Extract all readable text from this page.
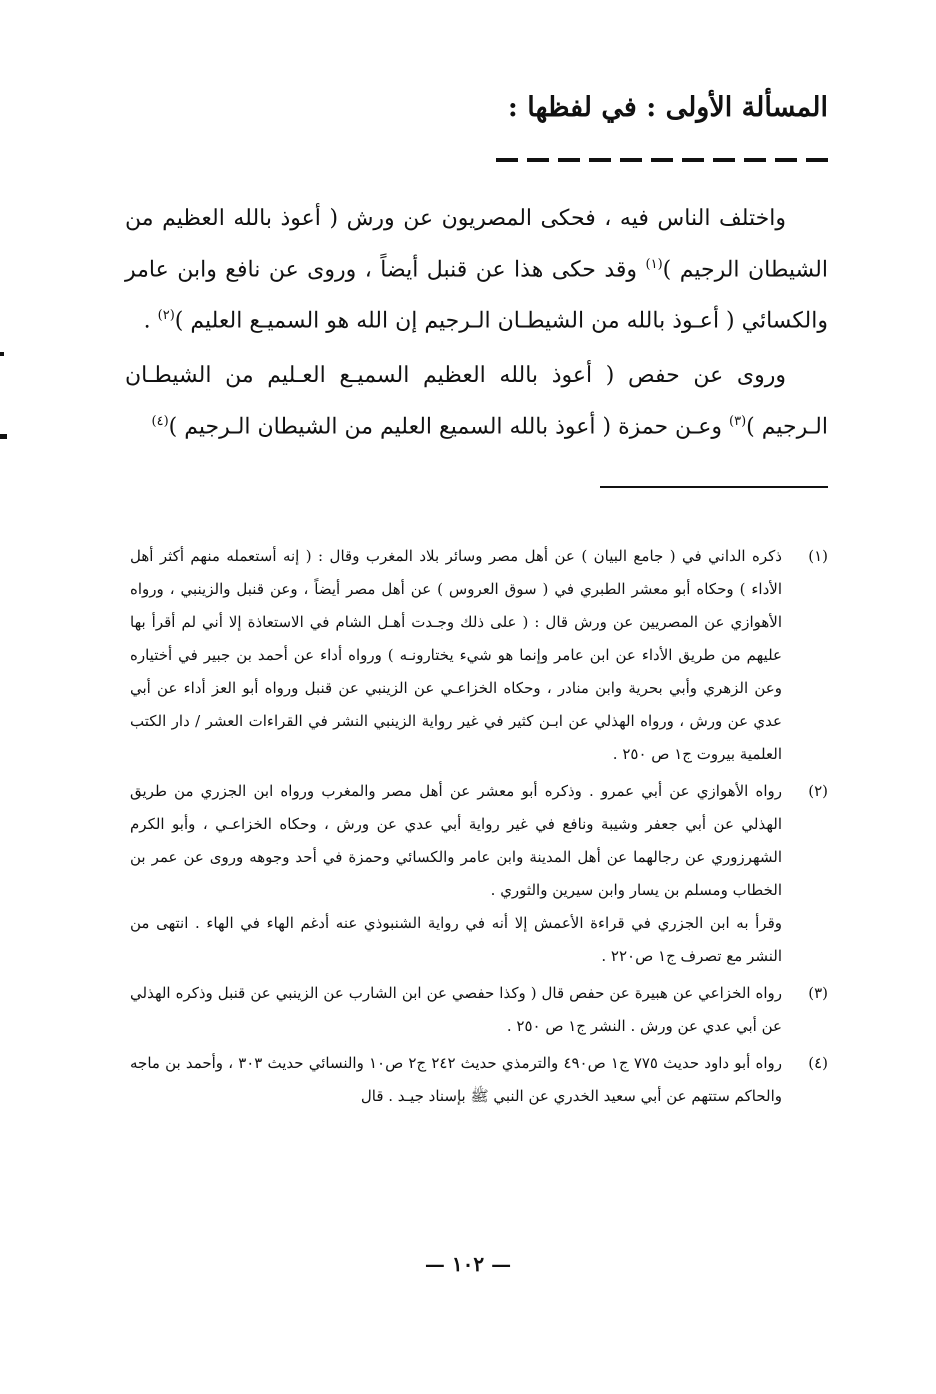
المسألة الأولى : في لفظها :

واختلف الناس فيه ، فحكى المصريون عن ورش ( أعوذ بالله العظيم من الشيطان الرجيم )$^{(١)}$ وقد حكى هذا عن قنبل أيضاً ، وروى عن نافع وابن عامر والكسائي ( أعـوذ بالله من الشيطـان الـرجيم إن الله هو السميـع العليم )$^{(٢)}$ .

وروى عن حفص ( أعوذ بالله العظيم السميـع العـليم من الشيطـان الـرجيم )$^{(٣)}$ وعـن حمزة ( أعوذ بالله السميع العليم من الشيطان الـرجيم )$^{(٤)}$

(١)
ذكره الداني في ( جامع البيان ) عن أهل مصر وسائر بلاد المغرب وقال : ( إنه أستعمله منهم أكثر أهل الأداء ) وحكاه أبو معشر الطبري في ( سوق العروس ) عن أهل مصر أيضاً ، وعن قنبل والزينبي ، ورواه الأهوازي عن المصريين عن ورش قال : ( على ذلك وجـدت أهـل الشام في الاستعاذة إلا أني لم أقرأ بها عليهم من طريق الأداء عن ابن عامر وإنما هو شيء يختارونـه ) ورواه أداء عن أحمد بن جبير في أختياره وعن الزهري وأبي بحرية وابن منادر ، وحكاه الخزاعـي عن الزينبي عن قنبل ورواه أبو العز أداء عن أبي عدي عن ورش ، ورواه الهذلي عن ابـن كثير في غير رواية الزينبي النشر في القراءات العشر / دار الكتب العلمية بيروت ج١ ص ٢٥٠ .
(٢)
رواه الأهوازي عن أبي عمرو . وذكره أبو معشر عن أهل مصر والمغرب ورواه ابن الجزري من طريق الهذلي عن أبي جعفر وشيبة ونافع في غير رواية أبي عدي عن ورش ، وحكاه الخزاعـي ، وأبو الكرم الشهرزوري عن رجالهما عن أهل المدينة وابن عامر والكسائي وحمزة في أحد وجوهه وروى عن عمر بن الخطاب ومسلم بن يسار وابن سيرين والثوري .
وقرأ به ابن الجزري في قراءة الأعمش إلا أنه في رواية الشنبوذي عنه أدغم الهاء في الهاء . انتهى من النشر مع تصرف ج١ ص٢٢٠ .
(٣)
رواه الخزاعي عن هبيرة عن حفص قال ( وكذا حفصي عن ابن الشارب عن الزينبي عن قنبل وذكره الهذلي عن أبي عدي عن ورش . النشر ج١ ص ٢٥٠ .
(٤)
رواه أبو داود حديث ٧٧٥ ج١ ص٤٩٠ والترمذي حديث ٢٤٢ ج٢ ص١٠ والنسائي حديث ٣٠٣ ، وأحمد بن ماجه والحاكم ستتهم عن أبي سعيد الخدري عن النبي ﷺ بإسناد جيـد . قال
— ١٠٢ —
